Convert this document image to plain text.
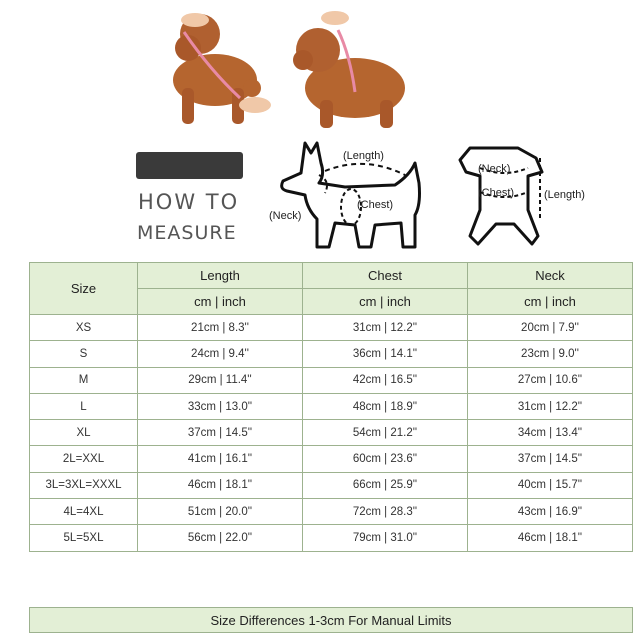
HOW TO
MEASURE
(Length)
(Neck)
(Chest)
(Neck)
(Chest)	(Length)
Size	Length	Chest	Neck
	cm | inch	cm | inch	cm | inch
XS	21cm | 8.3''	31cm | 12.2''	20cm | 7.9''
S	24cm | 9.4''	36cm | 14.1''	23cm | 9.0''
M	29cm | 11.4''	42cm | 16.5''	27cm | 10.6''
L	33cm | 13.0''	48cm | 18.9''	31cm | 12.2''
XL	37cm | 14.5''	54cm | 21.2''	34cm | 13.4''
2L=XXL	41cm | 16.1''	60cm | 23.6''	37cm | 14.5''
3L=3XL=XXXL	46cm | 18.1''	66cm | 25.9''	40cm | 15.7''
4L=4XL	51cm | 20.0''	72cm | 28.3''	43cm | 16.9''
5L=5XL	56cm | 22.0''	79cm | 31.0''	46cm | 18.1''
Size Differences 1-3cm For Manual Limits
